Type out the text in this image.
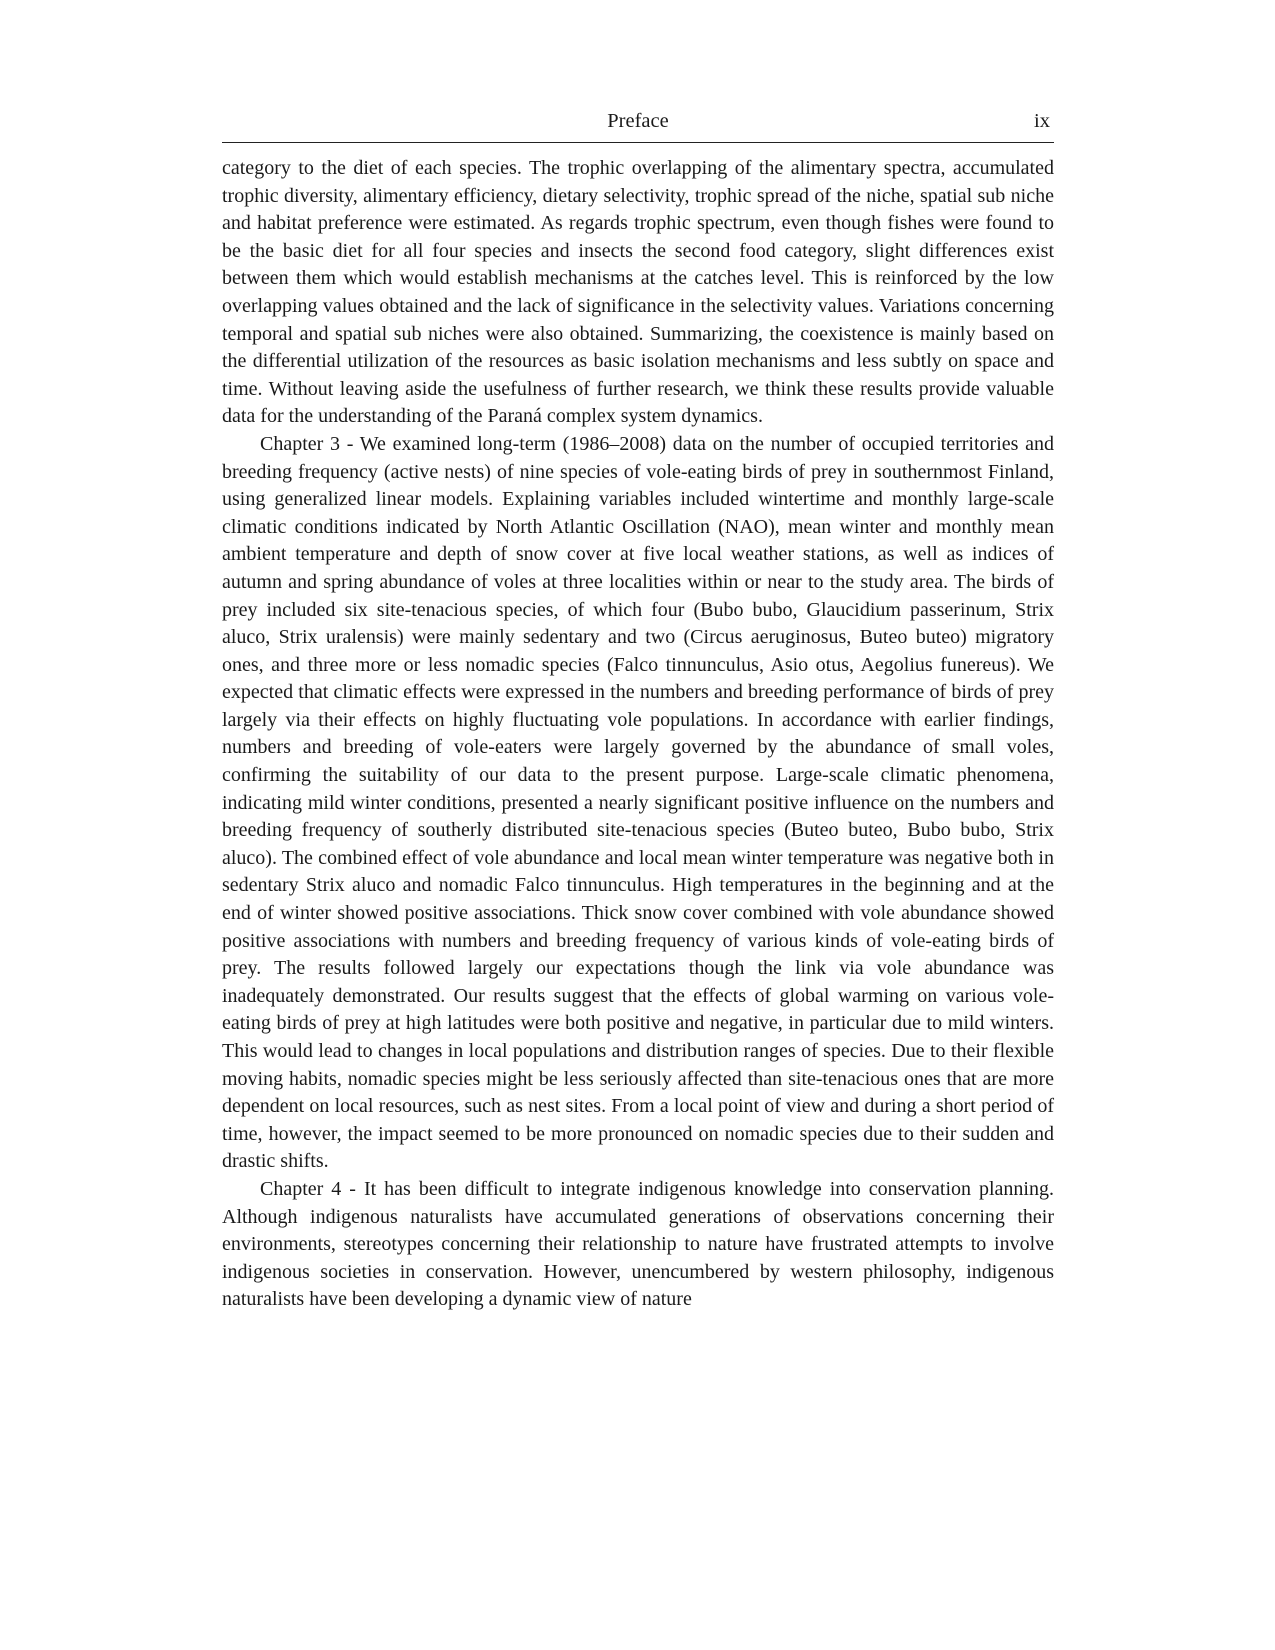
Preface	ix

category to the diet of each species. The trophic overlapping of the alimentary spectra, accumulated trophic diversity, alimentary efficiency, dietary selectivity, trophic spread of the niche, spatial sub niche and habitat preference were estimated. As regards trophic spectrum, even though fishes were found to be the basic diet for all four species and insects the second food category, slight differences exist between them which would establish mechanisms at the catches level. This is reinforced by the low overlapping values obtained and the lack of significance in the selectivity values. Variations concerning temporal and spatial sub niches were also obtained. Summarizing, the coexistence is mainly based on the differential utilization of the resources as basic isolation mechanisms and less subtly on space and time. Without leaving aside the usefulness of further research, we think these results provide valuable data for the understanding of the Paraná complex system dynamics.

Chapter 3 - We examined long-term (1986–2008) data on the number of occupied territories and breeding frequency (active nests) of nine species of vole-eating birds of prey in southernmost Finland, using generalized linear models. Explaining variables included wintertime and monthly large-scale climatic conditions indicated by North Atlantic Oscillation (NAO), mean winter and monthly mean ambient temperature and depth of snow cover at five local weather stations, as well as indices of autumn and spring abundance of voles at three localities within or near to the study area. The birds of prey included six site-tenacious species, of which four (Bubo bubo, Glaucidium passerinum, Strix aluco, Strix uralensis) were mainly sedentary and two (Circus aeruginosus, Buteo buteo) migratory ones, and three more or less nomadic species (Falco tinnunculus, Asio otus, Aegolius funereus). We expected that climatic effects were expressed in the numbers and breeding performance of birds of prey largely via their effects on highly fluctuating vole populations. In accordance with earlier findings, numbers and breeding of vole-eaters were largely governed by the abundance of small voles, confirming the suitability of our data to the present purpose. Large-scale climatic phenomena, indicating mild winter conditions, presented a nearly significant positive influence on the numbers and breeding frequency of southerly distributed site-tenacious species (Buteo buteo, Bubo bubo, Strix aluco). The combined effect of vole abundance and local mean winter temperature was negative both in sedentary Strix aluco and nomadic Falco tinnunculus. High temperatures in the beginning and at the end of winter showed positive associations. Thick snow cover combined with vole abundance showed positive associations with numbers and breeding frequency of various kinds of vole-eating birds of prey. The results followed largely our expectations though the link via vole abundance was inadequately demonstrated. Our results suggest that the effects of global warming on various vole-eating birds of prey at high latitudes were both positive and negative, in particular due to mild winters. This would lead to changes in local populations and distribution ranges of species. Due to their flexible moving habits, nomadic species might be less seriously affected than site-tenacious ones that are more dependent on local resources, such as nest sites. From a local point of view and during a short period of time, however, the impact seemed to be more pronounced on nomadic species due to their sudden and drastic shifts.

Chapter 4 - It has been difficult to integrate indigenous knowledge into conservation planning. Although indigenous naturalists have accumulated generations of observations concerning their environments, stereotypes concerning their relationship to nature have frustrated attempts to involve indigenous societies in conservation. However, unencumbered by western philosophy, indigenous naturalists have been developing a dynamic view of nature
